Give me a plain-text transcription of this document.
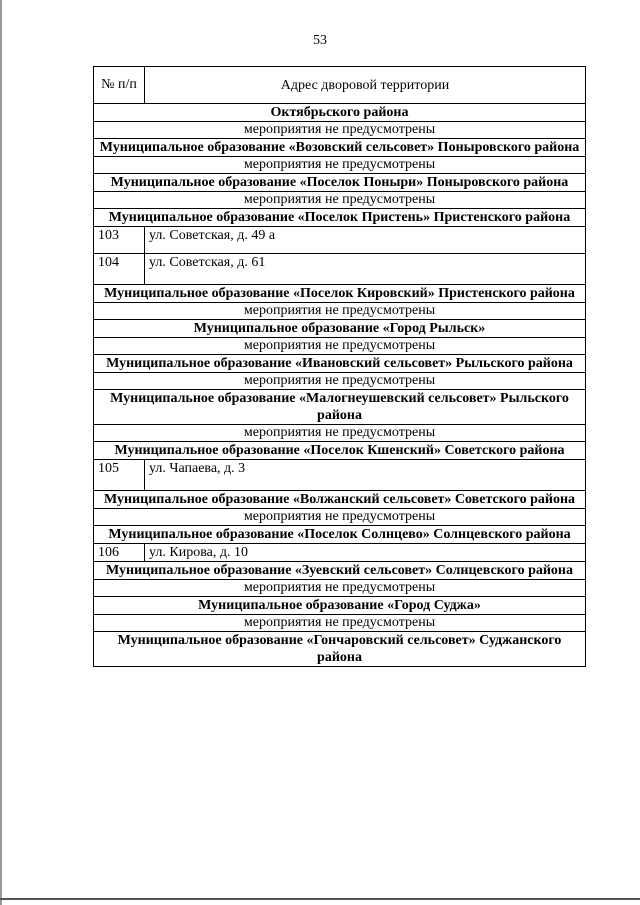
53
№ п/п	Адрес дворовой территории
Октябрьского района	
мероприятия не предусмотрены	
Муниципальное образование «Возовский сельсовет» Поныровского района	
мероприятия не предусмотрены	
Муниципальное образование «Поселок Поныри» Поныровского района	
мероприятия не предусмотрены	
Муниципальное образование «Поселок Пристень» Пристенского района	
103	ул. Советская, д. 49 а
104	ул. Советская, д. 61
Муниципальное образование «Поселок Кировский» Пристенского района	
мероприятия не предусмотрены	
Муниципальное образование «Город Рыльск»	
мероприятия не предусмотрены	
Муниципальное образование «Ивановский сельсовет» Рыльского района	
мероприятия не предусмотрены	
Муниципальное образование «Малогнеушевский сельсовет» Рыльского района	
мероприятия не предусмотрены	
Муниципальное образование «Поселок Кшенский» Советского района	
105	ул. Чапаева, д. 3
Муниципальное образование «Волжанский сельсовет» Советского района	
мероприятия не предусмотрены	
Муниципальное образование «Поселок Солнцево» Солнцевского района	
106	ул. Кирова, д. 10
Муниципальное образование «Зуевский сельсовет» Солнцевского района	
мероприятия не предусмотрены	
Муниципальное образование «Город Суджа»	
мероприятия не предусмотрены	
Муниципальное образование «Гончаровский сельсовет» Суджанского района	
